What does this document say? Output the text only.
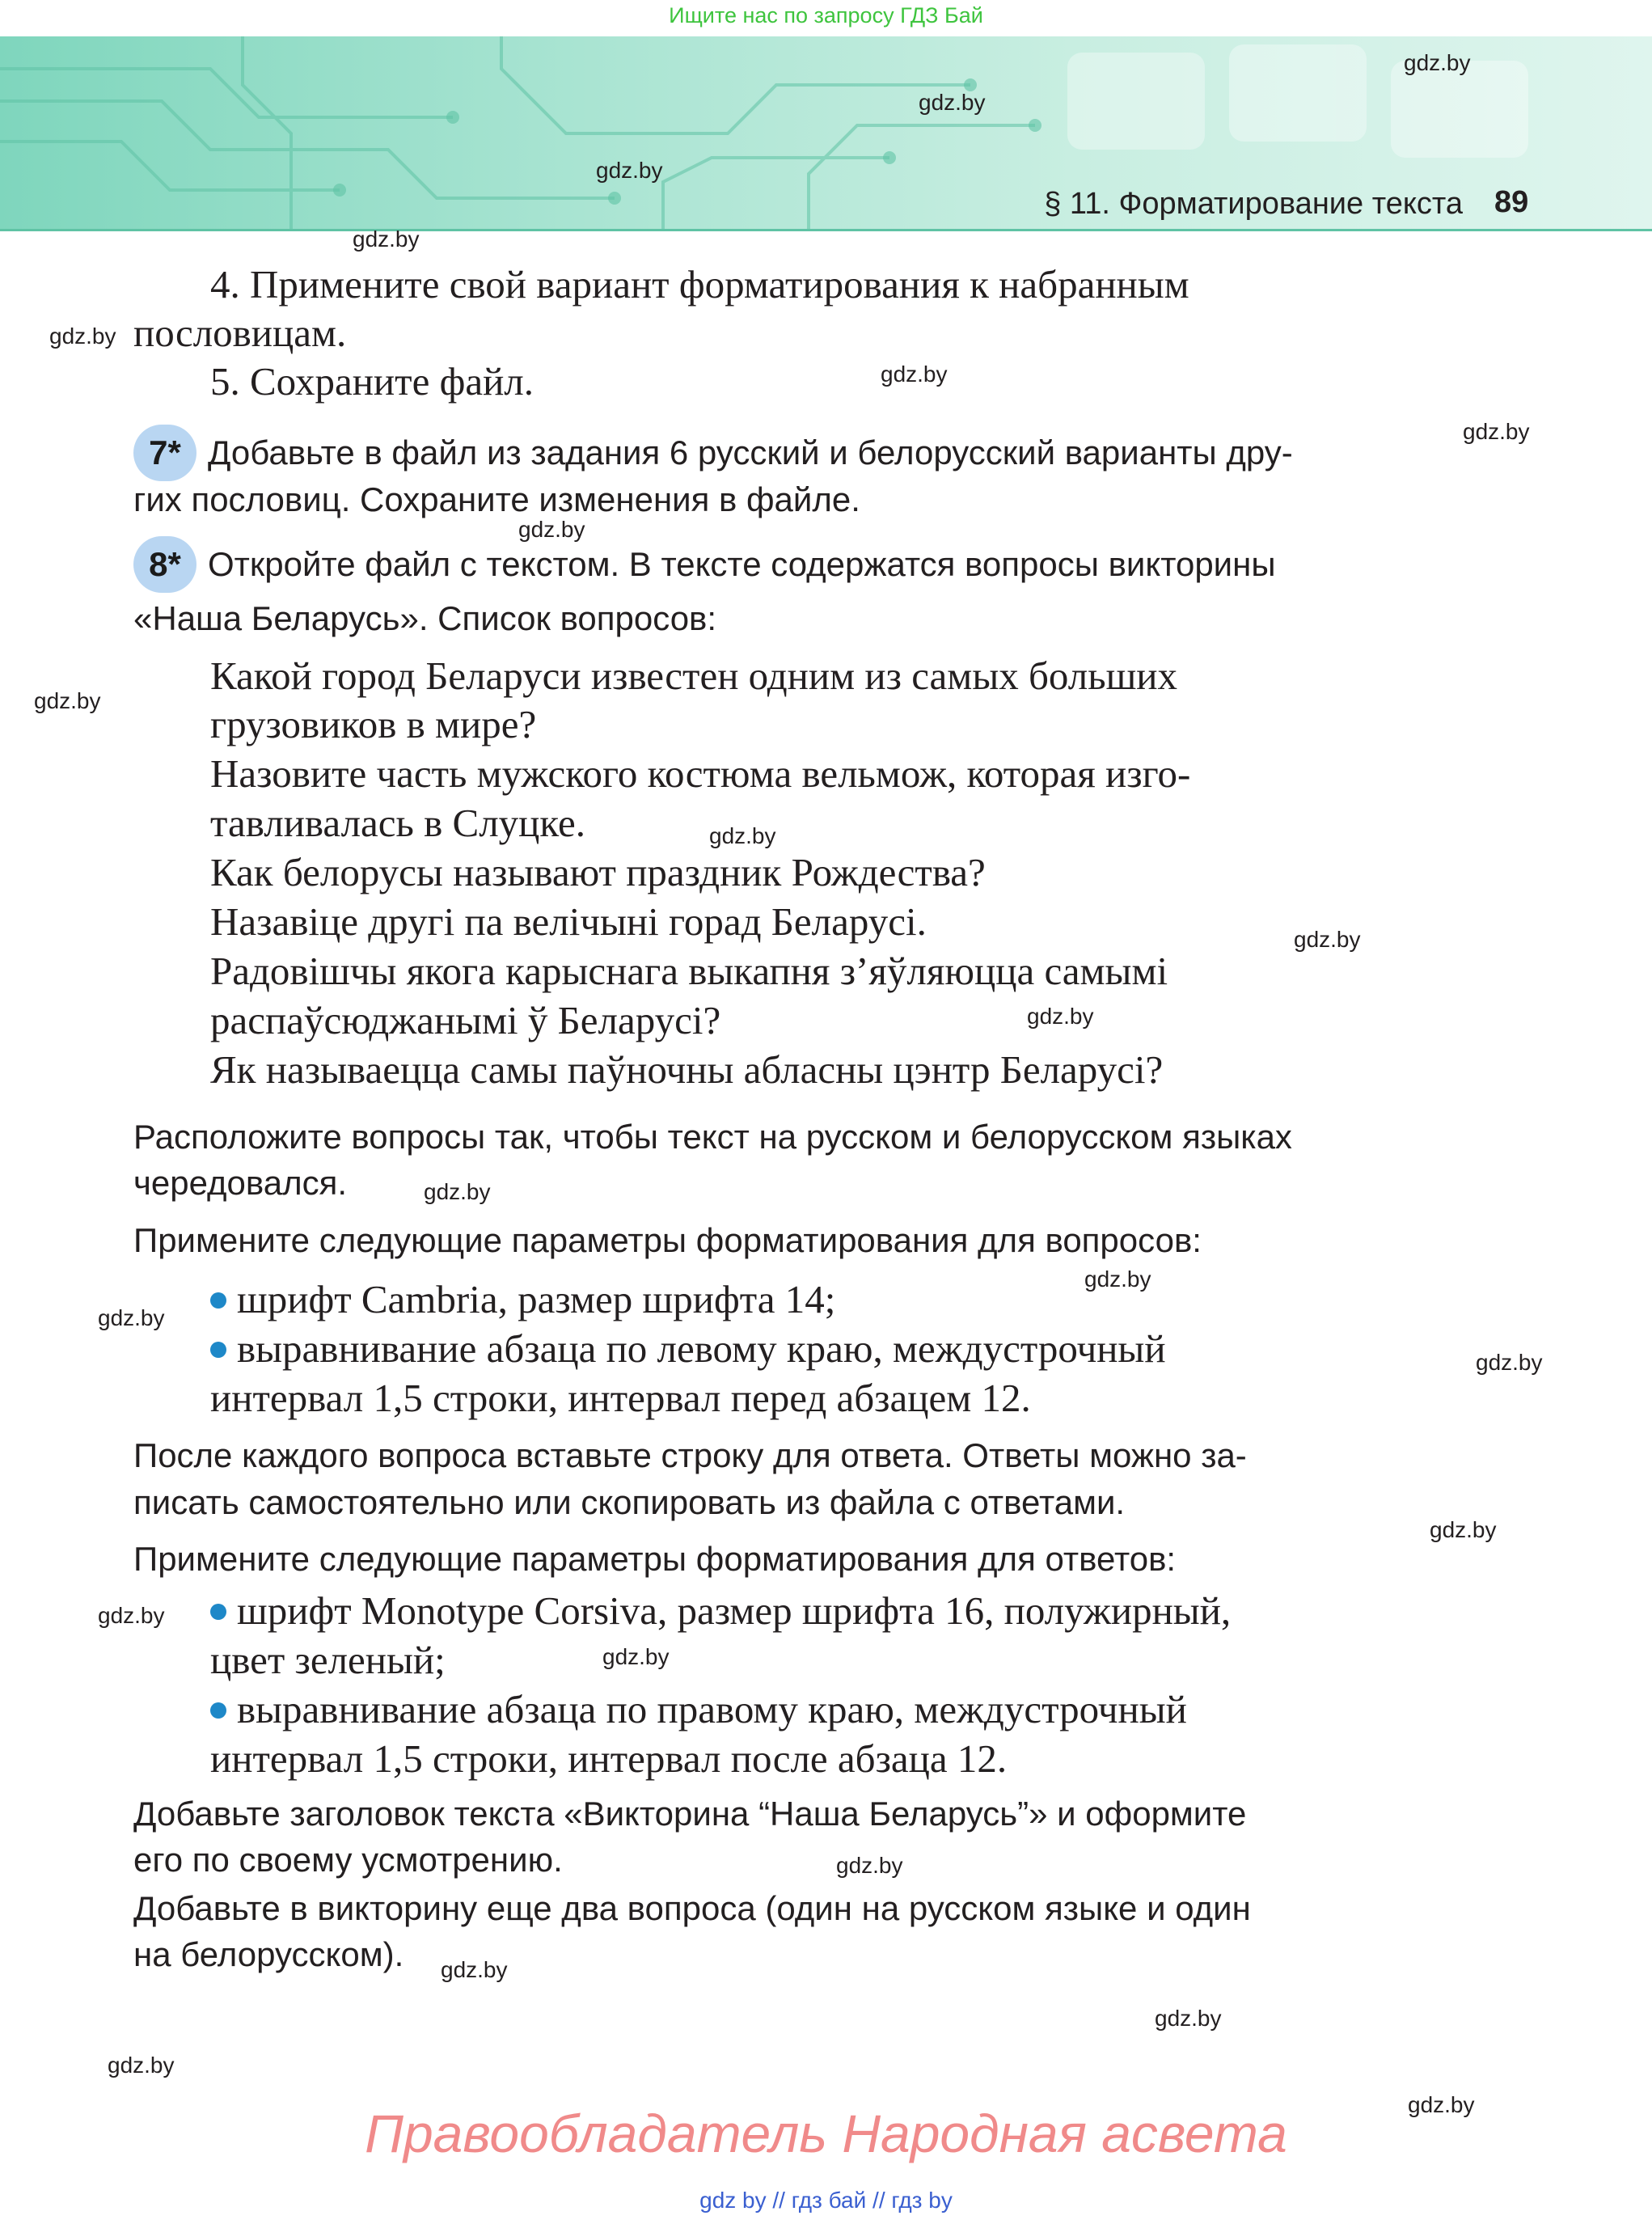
Ищите нас по запросу ГДЗ Бай
§ 11. Форматирование текста 89
gdz.by
gdz.by
gdz.by
gdz.by
gdz.by
gdz.by
gdz.by
gdz.by
gdz.by
gdz.by
gdz.by
gdz.by
gdz.by
gdz.by
gdz.by
gdz.by
gdz.by
gdz.by
gdz.by
gdz.by
gdz.by
gdz.by
gdz.by
gdz.by
4. Примените свой вариант форматирования к набранным
пословицам.
5. Сохраните файл.
7* Добавьте в файл из задания 6 русский и белорусский варианты дру-
гих пословиц. Сохраните изменения в файле.
8* Откройте файл с текстом. В тексте содержатся вопросы викторины
«Наша Беларусь». Список вопросов:
Какой город Беларуси известен одним из самых больших
грузовиков в мире?
Назовите часть мужского костюма вельмож, которая изго-
тавливалась в Слуцке.
Как белорусы называют праздник Рождества?
Назавіце другі па велічыні горад Беларусі.
Радовішчы якога карыснага выкапня з’яўляюцца самымі
распаўсюджанымі ў Беларусі?
Як называецца самы паўночны абласны цэнтр Беларусі?
Расположите вопросы так, чтобы текст на русском и белорусском языках
чередовался.
Примените следующие параметры форматирования для вопросов:
шрифт Cambria, размер шрифта 14;
выравнивание абзаца по левому краю, междустрочный
интервал 1,5 строки, интервал перед абзацем 12.
После каждого вопроса вставьте строку для ответа. Ответы можно за-
писать самостоятельно или скопировать из файла с ответами.
Примените следующие параметры форматирования для ответов:
шрифт Monotype Corsiva, размер шрифта 16, полужирный,
цвет зеленый;
выравнивание абзаца по правому краю, междустрочный
интервал 1,5 строки, интервал после абзаца 12.
Добавьте заголовок текста «Викторина “Наша Беларусь”» и оформите
его по своему усмотрению.
Добавьте в викторину еще два вопроса (один на русском языке и один
на белорусском).
Правообладатель Народная асвета
gdz by // гдз бай // гдз by
